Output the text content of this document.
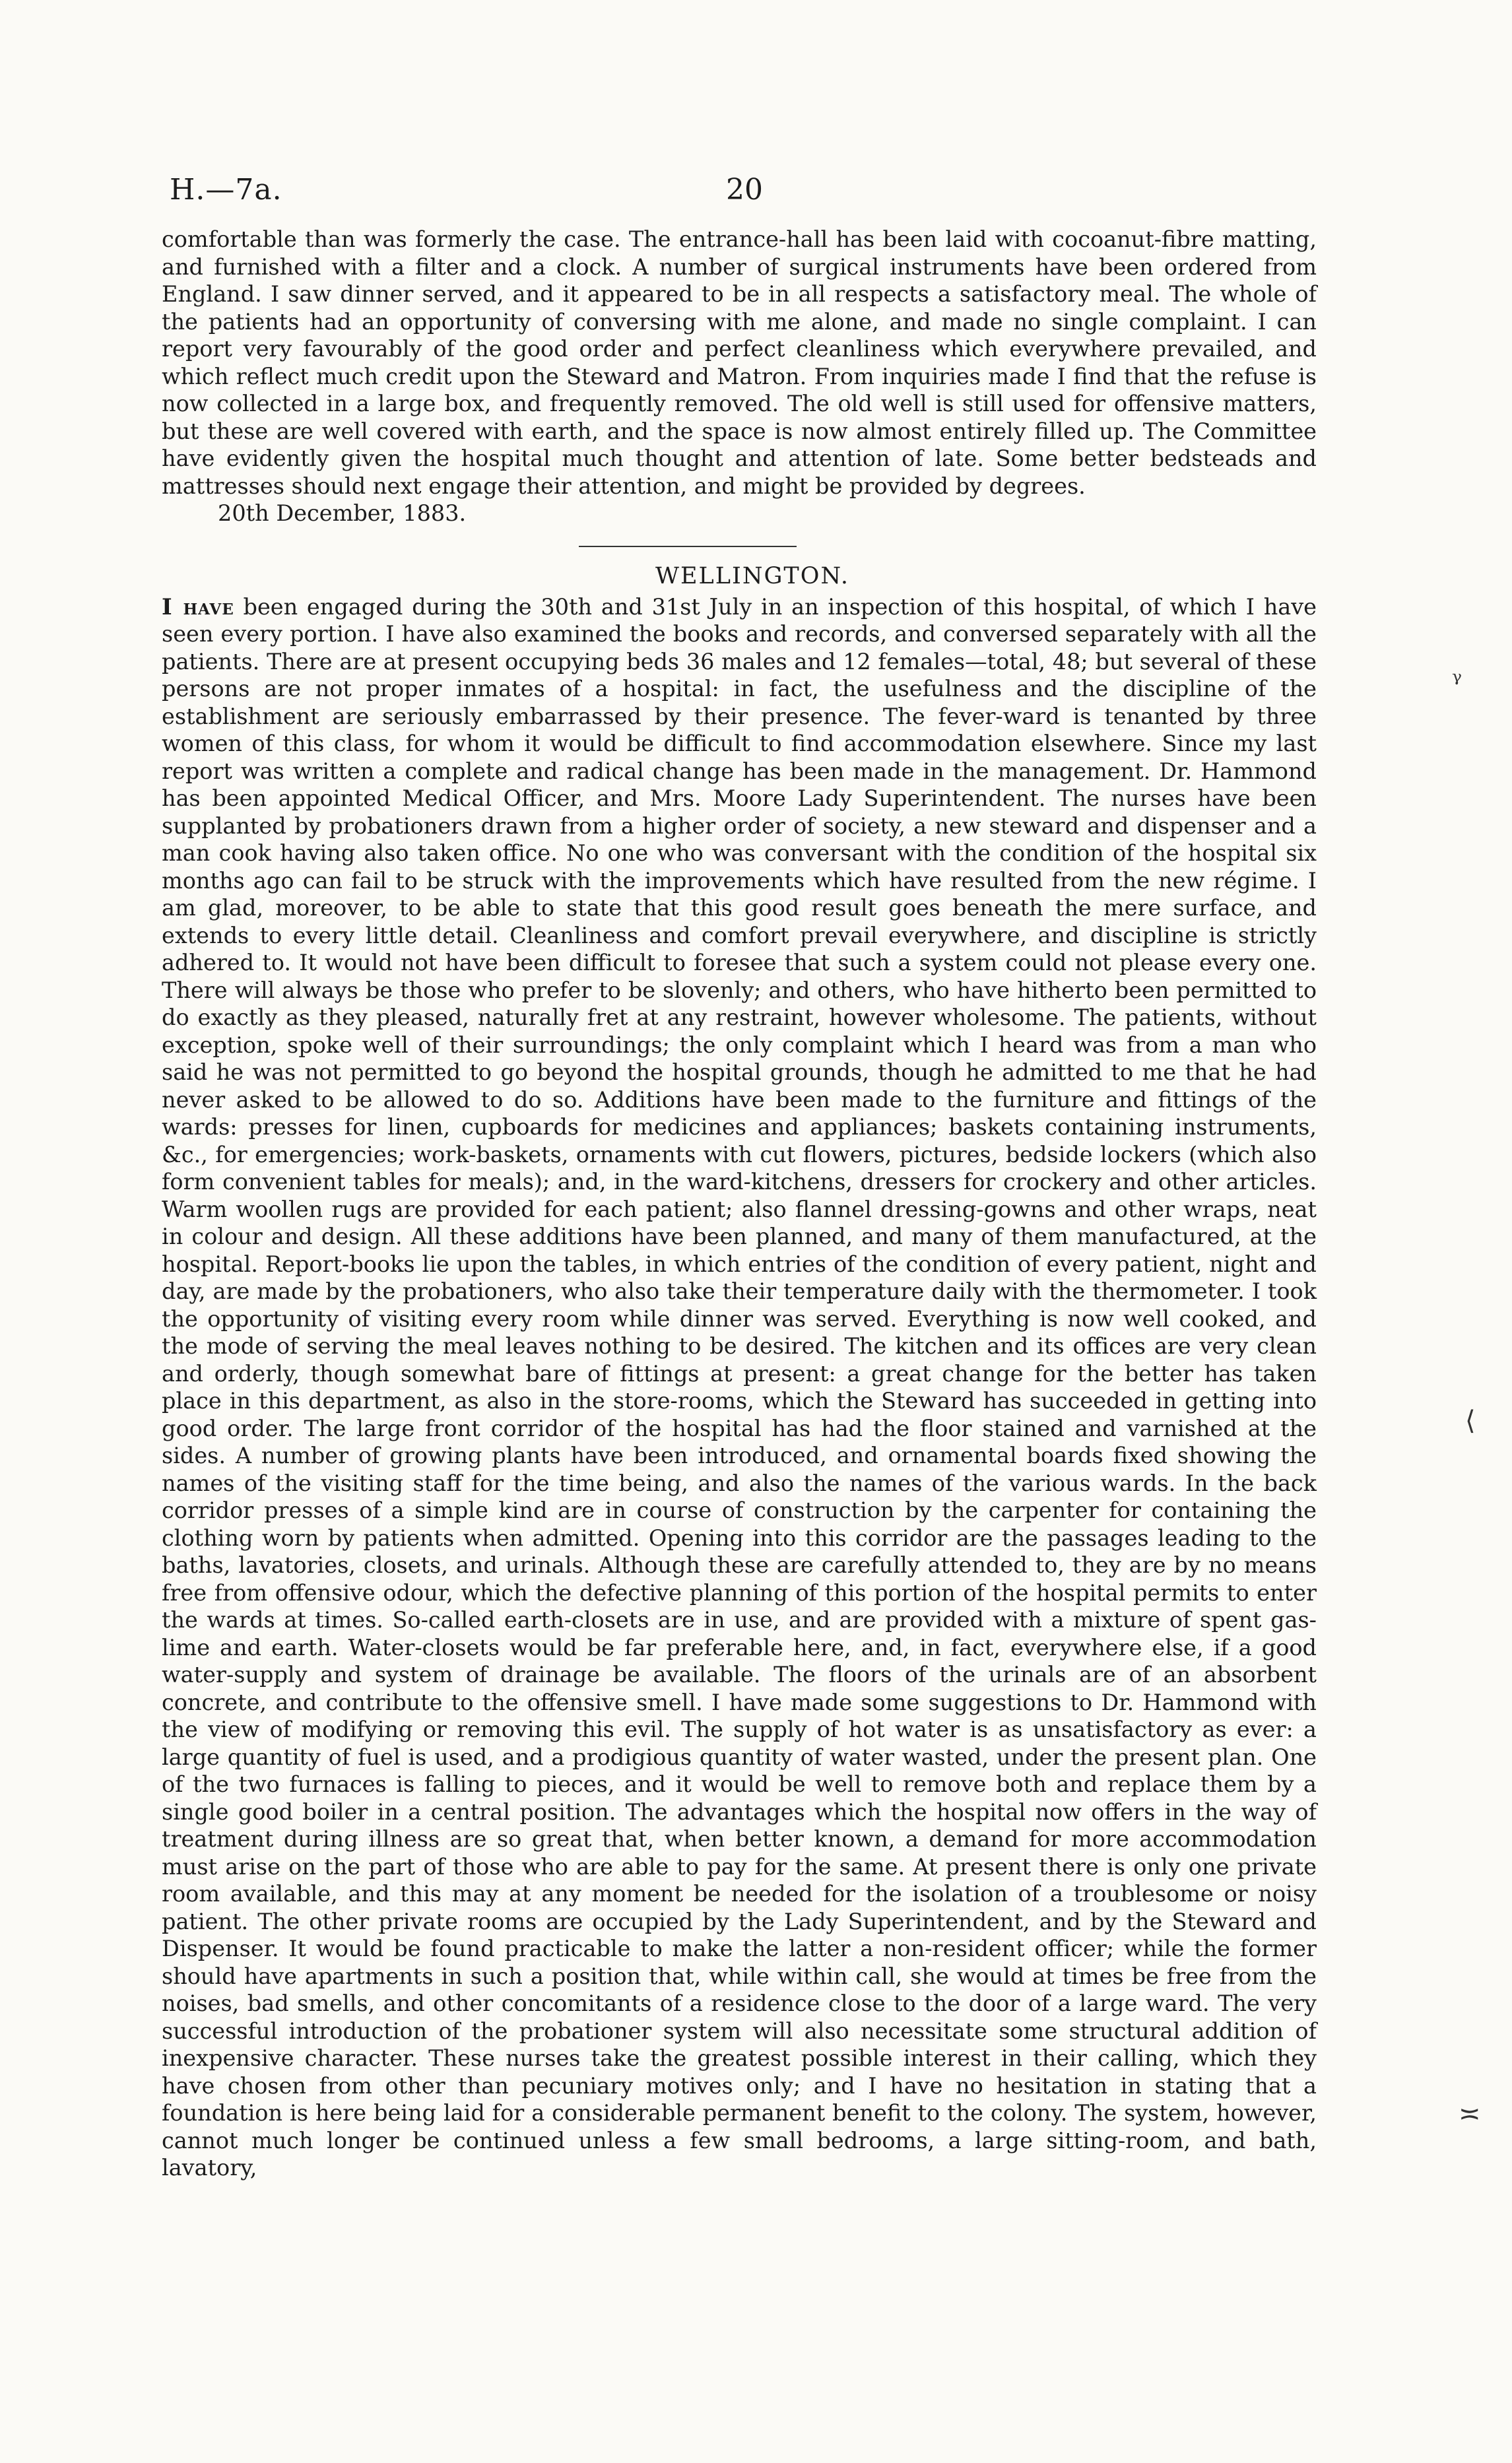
H.—7a.	20

comfortable than was formerly the case. The entrance-hall has been laid with cocoanut-fibre matting, and furnished with a filter and a clock. A number of surgical instruments have been ordered from England. I saw dinner served, and it appeared to be in all respects a satisfactory meal. The whole of the patients had an opportunity of conversing with me alone, and made no single complaint. I can report very favourably of the good order and perfect cleanliness which everywhere prevailed, and which reflect much credit upon the Steward and Matron. From inquiries made I find that the refuse is now collected in a large box, and frequently removed. The old well is still used for offensive matters, but these are well covered with earth, and the space is now almost entirely filled up. The Committee have evidently given the hospital much thought and attention of late. Some better bedsteads and mattresses should next engage their attention, and might be provided by degrees.

20th December, 1883.

WELLINGTON.

I have been engaged during the 30th and 31st July in an inspection of this hospital, of which I have seen every portion. I have also examined the books and records, and conversed separately with all the patients. There are at present occupying beds 36 males and 12 females—total, 48; but several of these persons are not proper inmates of a hospital: in fact, the usefulness and the discipline of the establishment are seriously embarrassed by their presence. The fever-ward is tenanted by three women of this class, for whom it would be difficult to find accommodation elsewhere. Since my last report was written a complete and radical change has been made in the management. Dr. Hammond has been appointed Medical Officer, and Mrs. Moore Lady Superintendent. The nurses have been supplanted by probationers drawn from a higher order of society, a new steward and dispenser and a man cook having also taken office. No one who was conversant with the condition of the hospital six months ago can fail to be struck with the improvements which have resulted from the new régime. I am glad, moreover, to be able to state that this good result goes beneath the mere surface, and extends to every little detail. Cleanliness and comfort prevail everywhere, and discipline is strictly adhered to. It would not have been difficult to foresee that such a system could not please every one. There will always be those who prefer to be slovenly; and others, who have hitherto been permitted to do exactly as they pleased, naturally fret at any restraint, however wholesome. The patients, without exception, spoke well of their surroundings; the only complaint which I heard was from a man who said he was not permitted to go beyond the hospital grounds, though he admitted to me that he had never asked to be allowed to do so. Additions have been made to the furniture and fittings of the wards: presses for linen, cupboards for medicines and appliances; baskets containing instruments, &c., for emergencies; work-baskets, ornaments with cut flowers, pictures, bedside lockers (which also form convenient tables for meals); and, in the ward-kitchens, dressers for crockery and other articles. Warm woollen rugs are provided for each patient; also flannel dressing-gowns and other wraps, neat in colour and design. All these additions have been planned, and many of them manufactured, at the hospital. Report-books lie upon the tables, in which entries of the condition of every patient, night and day, are made by the probationers, who also take their temperature daily with the thermometer. I took the opportunity of visiting every room while dinner was served. Everything is now well cooked, and the mode of serving the meal leaves nothing to be desired. The kitchen and its offices are very clean and orderly, though somewhat bare of fittings at present: a great change for the better has taken place in this department, as also in the store-rooms, which the Steward has succeeded in getting into good order. The large front corridor of the hospital has had the floor stained and varnished at the sides. A number of growing plants have been introduced, and ornamental boards fixed showing the names of the visiting staff for the time being, and also the names of the various wards. In the back corridor presses of a simple kind are in course of construction by the carpenter for containing the clothing worn by patients when admitted. Opening into this corridor are the passages leading to the baths, lavatories, closets, and urinals. Although these are carefully attended to, they are by no means free from offensive odour, which the defective planning of this portion of the hospital permits to enter the wards at times. So-called earth-closets are in use, and are provided with a mixture of spent gas-lime and earth. Water-closets would be far preferable here, and, in fact, everywhere else, if a good water-supply and system of drainage be available. The floors of the urinals are of an absorbent concrete, and contribute to the offensive smell. I have made some suggestions to Dr. Hammond with the view of modifying or removing this evil. The supply of hot water is as unsatisfactory as ever: a large quantity of fuel is used, and a prodigious quantity of water wasted, under the present plan. One of the two furnaces is falling to pieces, and it would be well to remove both and replace them by a single good boiler in a central position. The advantages which the hospital now offers in the way of treatment during illness are so great that, when better known, a demand for more accommodation must arise on the part of those who are able to pay for the same. At present there is only one private room available, and this may at any moment be needed for the isolation of a troublesome or noisy patient. The other private rooms are occupied by the Lady Superintendent, and by the Steward and Dispenser. It would be found practicable to make the latter a non-resident officer; while the former should have apartments in such a position that, while within call, she would at times be free from the noises, bad smells, and other concomitants of a residence close to the door of a large ward. The very successful introduction of the probationer system will also necessitate some structural addition of inexpensive character. These nurses take the greatest possible interest in their calling, which they have chosen from other than pecuniary motives only; and I have no hesitation in stating that a foundation is here being laid for a considerable permanent benefit to the colony. The system, however, cannot much longer be continued unless a few small bedrooms, a large sitting-room, and bath, lavatory,

ᵞ
⟨
≍
